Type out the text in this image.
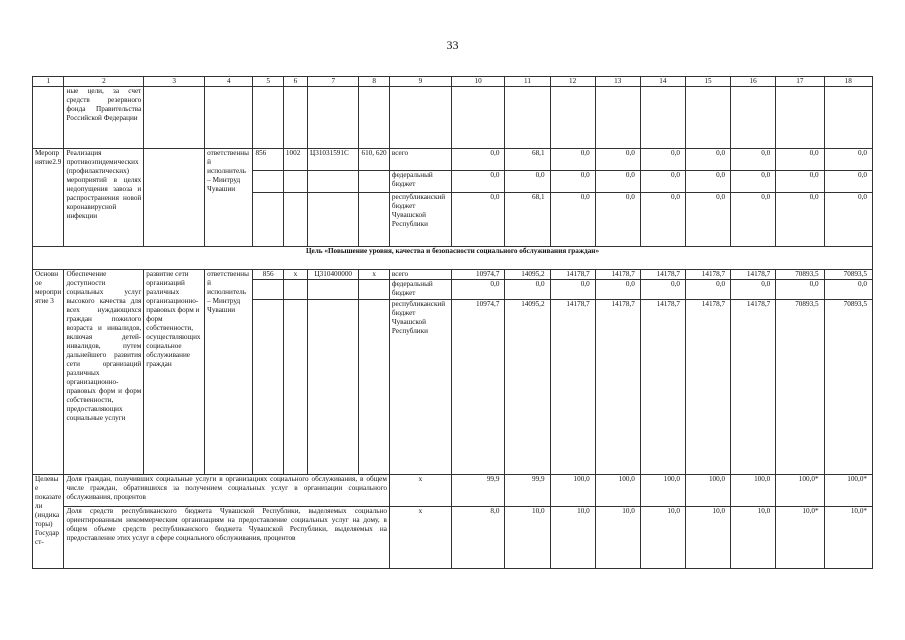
33
1	2	3	4	5	6	7	8	9	10	11	12	13	14	15	16	17	18
	ные цели, за счет средств резервного фонда Правительства Российской Федерации																
Мероприятие2.9	Реализация противоэпидемических (профилактических) мероприятий в целях недопущения завоза и распространения новой коронавирусной инфекции		ответственный исполнитель – Минтруд Чувашии	856	1002	Ц31031591С	610, 620	всего	0,0	68,1	0,0	0,0	0,0	0,0	0,0	0,0	0,0
								федеральный бюджет	0,0	0,0	0,0	0,0	0,0	0,0	0,0	0,0	0,0
								республиканский бюджет Чувашской Республики	0,0	68,1	0,0	0,0	0,0	0,0	0,0	0,0	0,0
Цель «Повышение уровня, качества и безопасности социального обслуживания граждан»																	
Основное мероприятие 3	Обеспечение доступности социальных услуг высокого качества для всех нуждающихся граждан пожилого возраста и инвалидов, включая детей-инвалидов, путем дальнейшего развития сети организаций различных организационно-правовых форм и форм собственности, предоставляющих социальные услуги	развитие сети организаций различных организационно-правовых форм и форм собственности, осуществляющих социальное обслуживание граждан	ответственный исполнитель – Минтруд Чувашии	856	х	Ц310400000	х	всего	10974,7	14095,2	14178,7	14178,7	14178,7	14178,7	14178,7	70893,5	70893,5
								федеральный бюджет	0,0	0,0	0,0	0,0	0,0	0,0	0,0	0,0	0,0
								республиканский бюджет Чувашской Республики	10974,7	14095,2	14178,7	14178,7	14178,7	14178,7	14178,7	70893,5	70893,5
Целевые показатели (индикаторы) Государст-	Доля граждан, получивших социальные услуги в организациях социального обслуживания, в общем числе граждан, обратившихся за получением социальных услуг в организации социального обслуживания, процентов							х	99,9	99,9	100,0	100,0	100,0	100,0	100,0	100,0*	100,0*
	Доля средств республиканского бюджета Чувашской Республики, выделяемых социально ориентированным некоммерческим организациям на предоставление социальных услуг на дому, в общем объеме средств республиканского бюджета Чувашской Республики, выделяемых на предоставление этих услуг в сфере социального обслуживания, процентов							х	8,0	10,0	10,0	10,0	10,0	10,0	10,0	10,0*	10,0*
